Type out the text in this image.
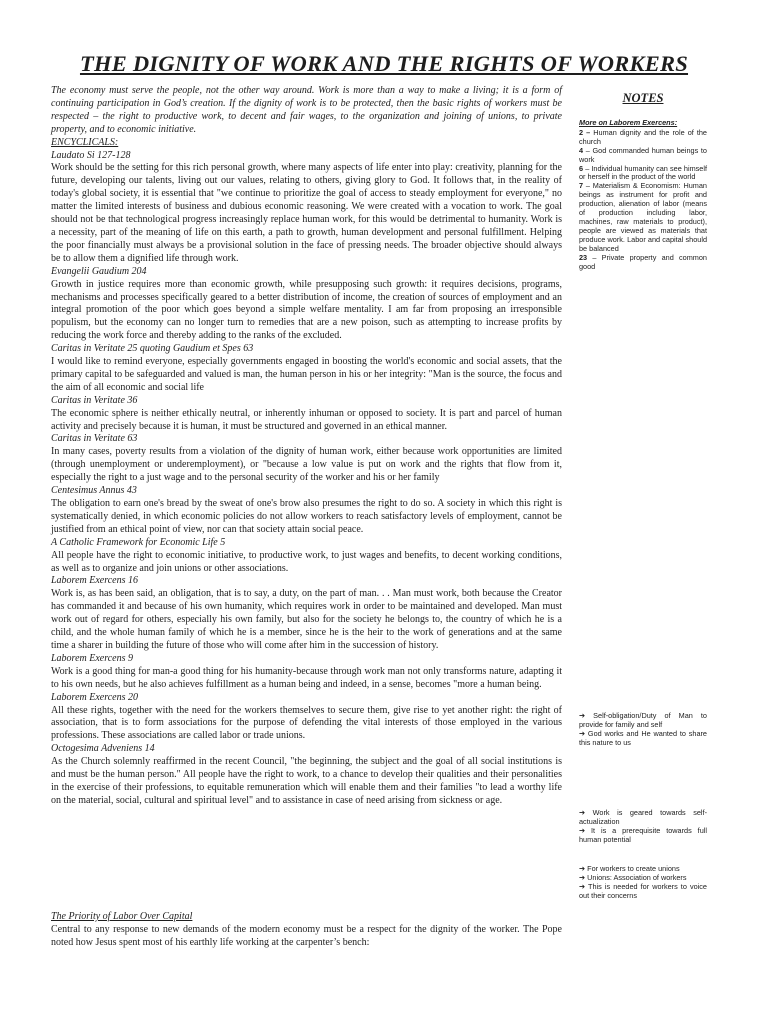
THE DIGNITY OF WORK AND THE RIGHTS OF WORKERS

The economy must serve the people, not the other way around. Work is more than a way to make a living; it is a form of continuing participation in God’s creation. If the dignity of work is to be protected, then the basic rights of workers must be respected – the right to productive work, to decent and fair wages, to the organization and joining of unions, to private property, and to economic initiative.

ENCYCLICALS:

Laudato Si 127-128

Work should be the setting for this rich personal growth, where many aspects of life enter into play: creativity, planning for the future, developing our talents, living out our values, relating to others, giving glory to God. It follows that, in the reality of today's global society, it is essential that "we continue to prioritize the goal of access to steady employment for everyone," no matter the limited interests of business and dubious economic reasoning. We were created with a vocation to work. The goal should not be that technological progress increasingly replace human work, for this would be detrimental to humanity. Work is a necessity, part of the meaning of life on this earth, a path to growth, human development and personal fulfillment. Helping the poor financially must always be a provisional solution in the face of pressing needs. The broader objective should always be to allow them a dignified life through work.

Evangelii Gaudium 204

Growth in justice requires more than economic growth, while presupposing such growth: it requires decisions, programs, mechanisms and processes specifically geared to a better distribution of income, the creation of sources of employment and an integral promotion of the poor which goes beyond a simple welfare mentality. I am far from proposing an irresponsible populism, but the economy can no longer turn to remedies that are a new poison, such as attempting to increase profits by reducing the work force and thereby adding to the ranks of the excluded.

Caritas in Veritate 25 quoting Gaudium et Spes 63

I would like to remind everyone, especially governments engaged in boosting the world's economic and social assets, that the primary capital to be safeguarded and valued is man, the human person in his or her integrity: "Man is the source, the focus and the aim of all economic and social life

Caritas in Veritate 36

The economic sphere is neither ethically neutral, or inherently inhuman or opposed to society. It is part and parcel of human activity and precisely because it is human, it must be structured and governed in an ethical manner.

Caritas in Veritate 63

In many cases, poverty results from a violation of the dignity of human work, either because work opportunities are limited (through unemployment or underemployment), or "because a low value is put on work and the rights that flow from it, especially the right to a just wage and to the personal security of the worker and his or her family

Centesimus Annus 43

The obligation to earn one's bread by the sweat of one's brow also presumes the right to do so. A society in which this right is systematically denied, in which economic policies do not allow workers to reach satisfactory levels of employment, cannot be justified from an ethical point of view, nor can that society attain social peace.

A Catholic Framework for Economic Life 5

All people have the right to economic initiative, to productive work, to just wages and benefits, to decent working conditions, as well as to organize and join unions or other associations.

Laborem Exercens 16

Work is, as has been said, an obligation, that is to say, a duty, on the part of man. . . Man must work, both because the Creator has commanded it and because of his own humanity, which requires work in order to be maintained and developed. Man must work out of regard for others, especially his own family, but also for the society he belongs to, the country of which he is a child, and the whole human family of which he is a member, since he is the heir to the work of generations and at the same time a sharer in building the future of those who will come after him in the succession of history.

Laborem Exercens 9

Work is a good thing for man-a good thing for his humanity-because through work man not only transforms nature, adapting it to his own needs, but he also achieves fulfillment as a human being and indeed, in a sense, becomes "more a human being.

Laborem Exercens 20

All these rights, together with the need for the workers themselves to secure them, give rise to yet another right: the right of association, that is to form associations for the purpose of defending the vital interests of those employed in the various professions. These associations are called labor or trade unions.

Octogesima Adveniens 14

As the Church solemnly reaffirmed in the recent Council, "the beginning, the subject and the goal of all social institutions is and must be the human person." All people have the right to work, to a chance to develop their qualities and their personalities in the exercise of their professions, to equitable remuneration which will enable them and their families "to lead a worthy life on the material, social, cultural and spiritual level" and to assistance in case of need arising from sickness or age.

The Priority of Labor Over Capital

Central to any response to new demands of the modern economy must be a respect for the dignity of the worker. The Pope noted how Jesus spent most of his earthly life working at the carpenter’s bench:

NOTES
More on Laborem Exercens:
2 – Human dignity and the role of the church
4 – God commanded human beings to work
6 – Individual humanity can see himself or herself in the product of the world
7 – Materialism & Economism: Human beings as instrument for profit and production, alienation of labor (means of production including labor, machines, raw materials to product), people are viewed as materials that produce work. Labor and capital should be balanced
23 – Private property and common good
➔ Self-obligation/Duty of Man to provide for family and self
➔ God works and He wanted to share this nature to us
➔ Work is geared towards self-actualization
➔ It is a prerequisite towards full human potential
➔ For workers to create unions
➔ Unions: Association of workers
➔ This is needed for workers to voice out their concerns
